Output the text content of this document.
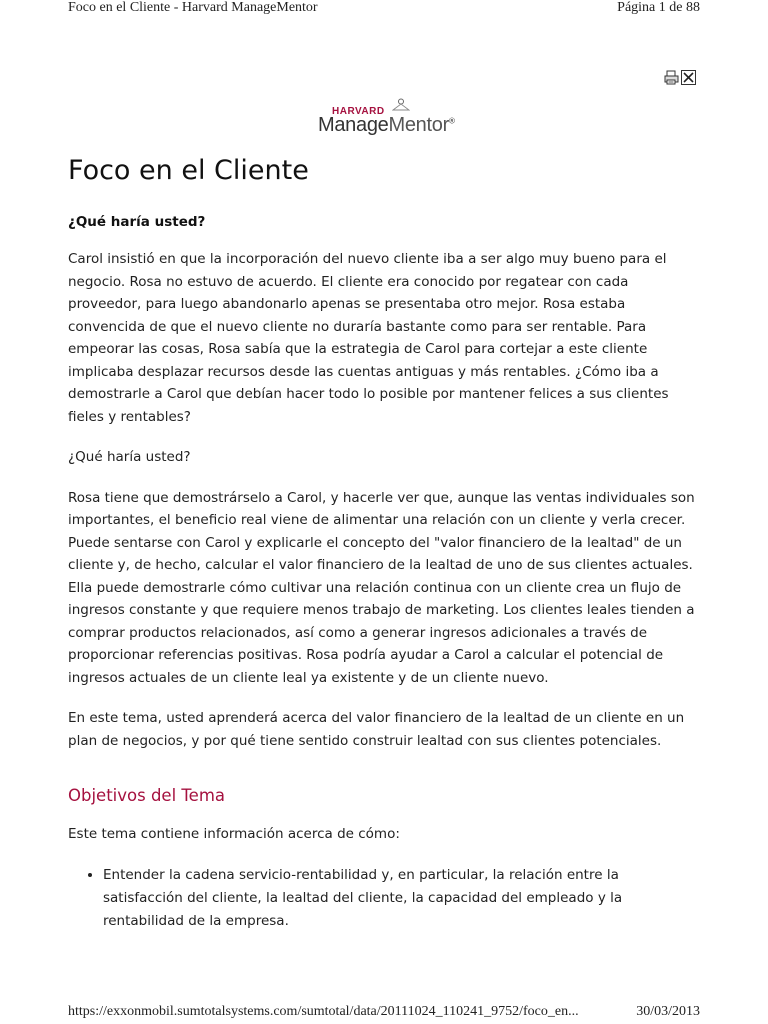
Foco en el Cliente - Harvard ManageMentor	Página 1 de 88
HARVARD
ManageMentor®
Foco en el Cliente
¿Qué haría usted?

Carol insistió en que la incorporación del nuevo cliente iba a ser algo muy bueno para el negocio. Rosa no estuvo de acuerdo. El cliente era conocido por regatear con cada proveedor, para luego abandonarlo apenas se presentaba otro mejor. Rosa estaba convencida de que el nuevo cliente no duraría bastante como para ser rentable. Para empeorar las cosas, Rosa sabía que la estrategia de Carol para cortejar a este cliente implicaba desplazar recursos desde las cuentas antiguas y más rentables. ¿Cómo iba a demostrarle a Carol que debían hacer todo lo posible por mantener felices a sus clientes fieles y rentables?

¿Qué haría usted?

Rosa tiene que demostrárselo a Carol, y hacerle ver que, aunque las ventas individuales son importantes, el beneficio real viene de alimentar una relación con un cliente y verla crecer. Puede sentarse con Carol y explicarle el concepto del "valor financiero de la lealtad" de un cliente y, de hecho, calcular el valor financiero de la lealtad de uno de sus clientes actuales. Ella puede demostrarle cómo cultivar una relación continua con un cliente crea un flujo de ingresos constante y que requiere menos trabajo de marketing. Los clientes leales tienden a comprar productos relacionados, así como a generar ingresos adicionales a través de proporcionar referencias positivas. Rosa podría ayudar a Carol a calcular el potencial de ingresos actuales de un cliente leal ya existente y de un cliente nuevo.

En este tema, usted aprenderá acerca del valor financiero de la lealtad de un cliente en un plan de negocios, y por qué tiene sentido construir lealtad con sus clientes potenciales.

Objetivos del Tema

Este tema contiene información acerca de cómo:

• Entender la cadena servicio-rentabilidad y, en particular, la relación entre la satisfacción del cliente, la lealtad del cliente, la capacidad del empleado y la rentabilidad de la empresa.
https://exxonmobil.sumtotalsystems.com/sumtotal/data/20111024_110241_9752/foco_en...	30/03/2013
